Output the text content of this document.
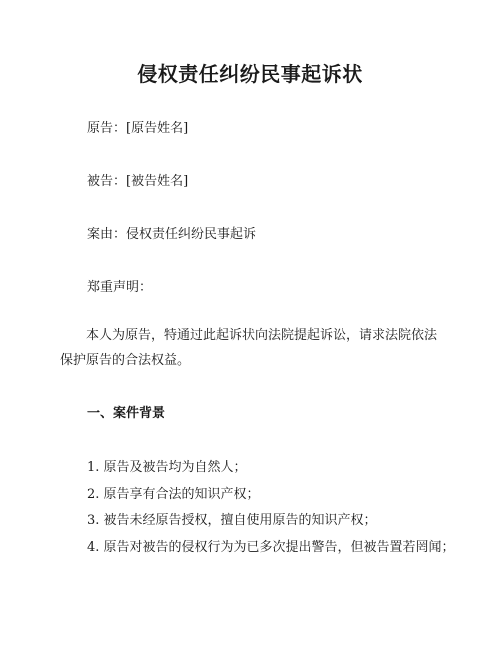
侵权责任纠纷民事起诉状
原告：[原告姓名]
被告：[被告姓名]
案由：侵权责任纠纷民事起诉
郑重声明：
本人为原告，特通过此起诉状向法院提起诉讼，请求法院依法保护原告的合法权益。
一、案件背景
1. 原告及被告均为自然人；
2. 原告享有合法的知识产权；
3. 被告未经原告授权，擅自使用原告的知识产权；
4. 原告对被告的侵权行为为已多次提出警告，但被告置若罔闻；
